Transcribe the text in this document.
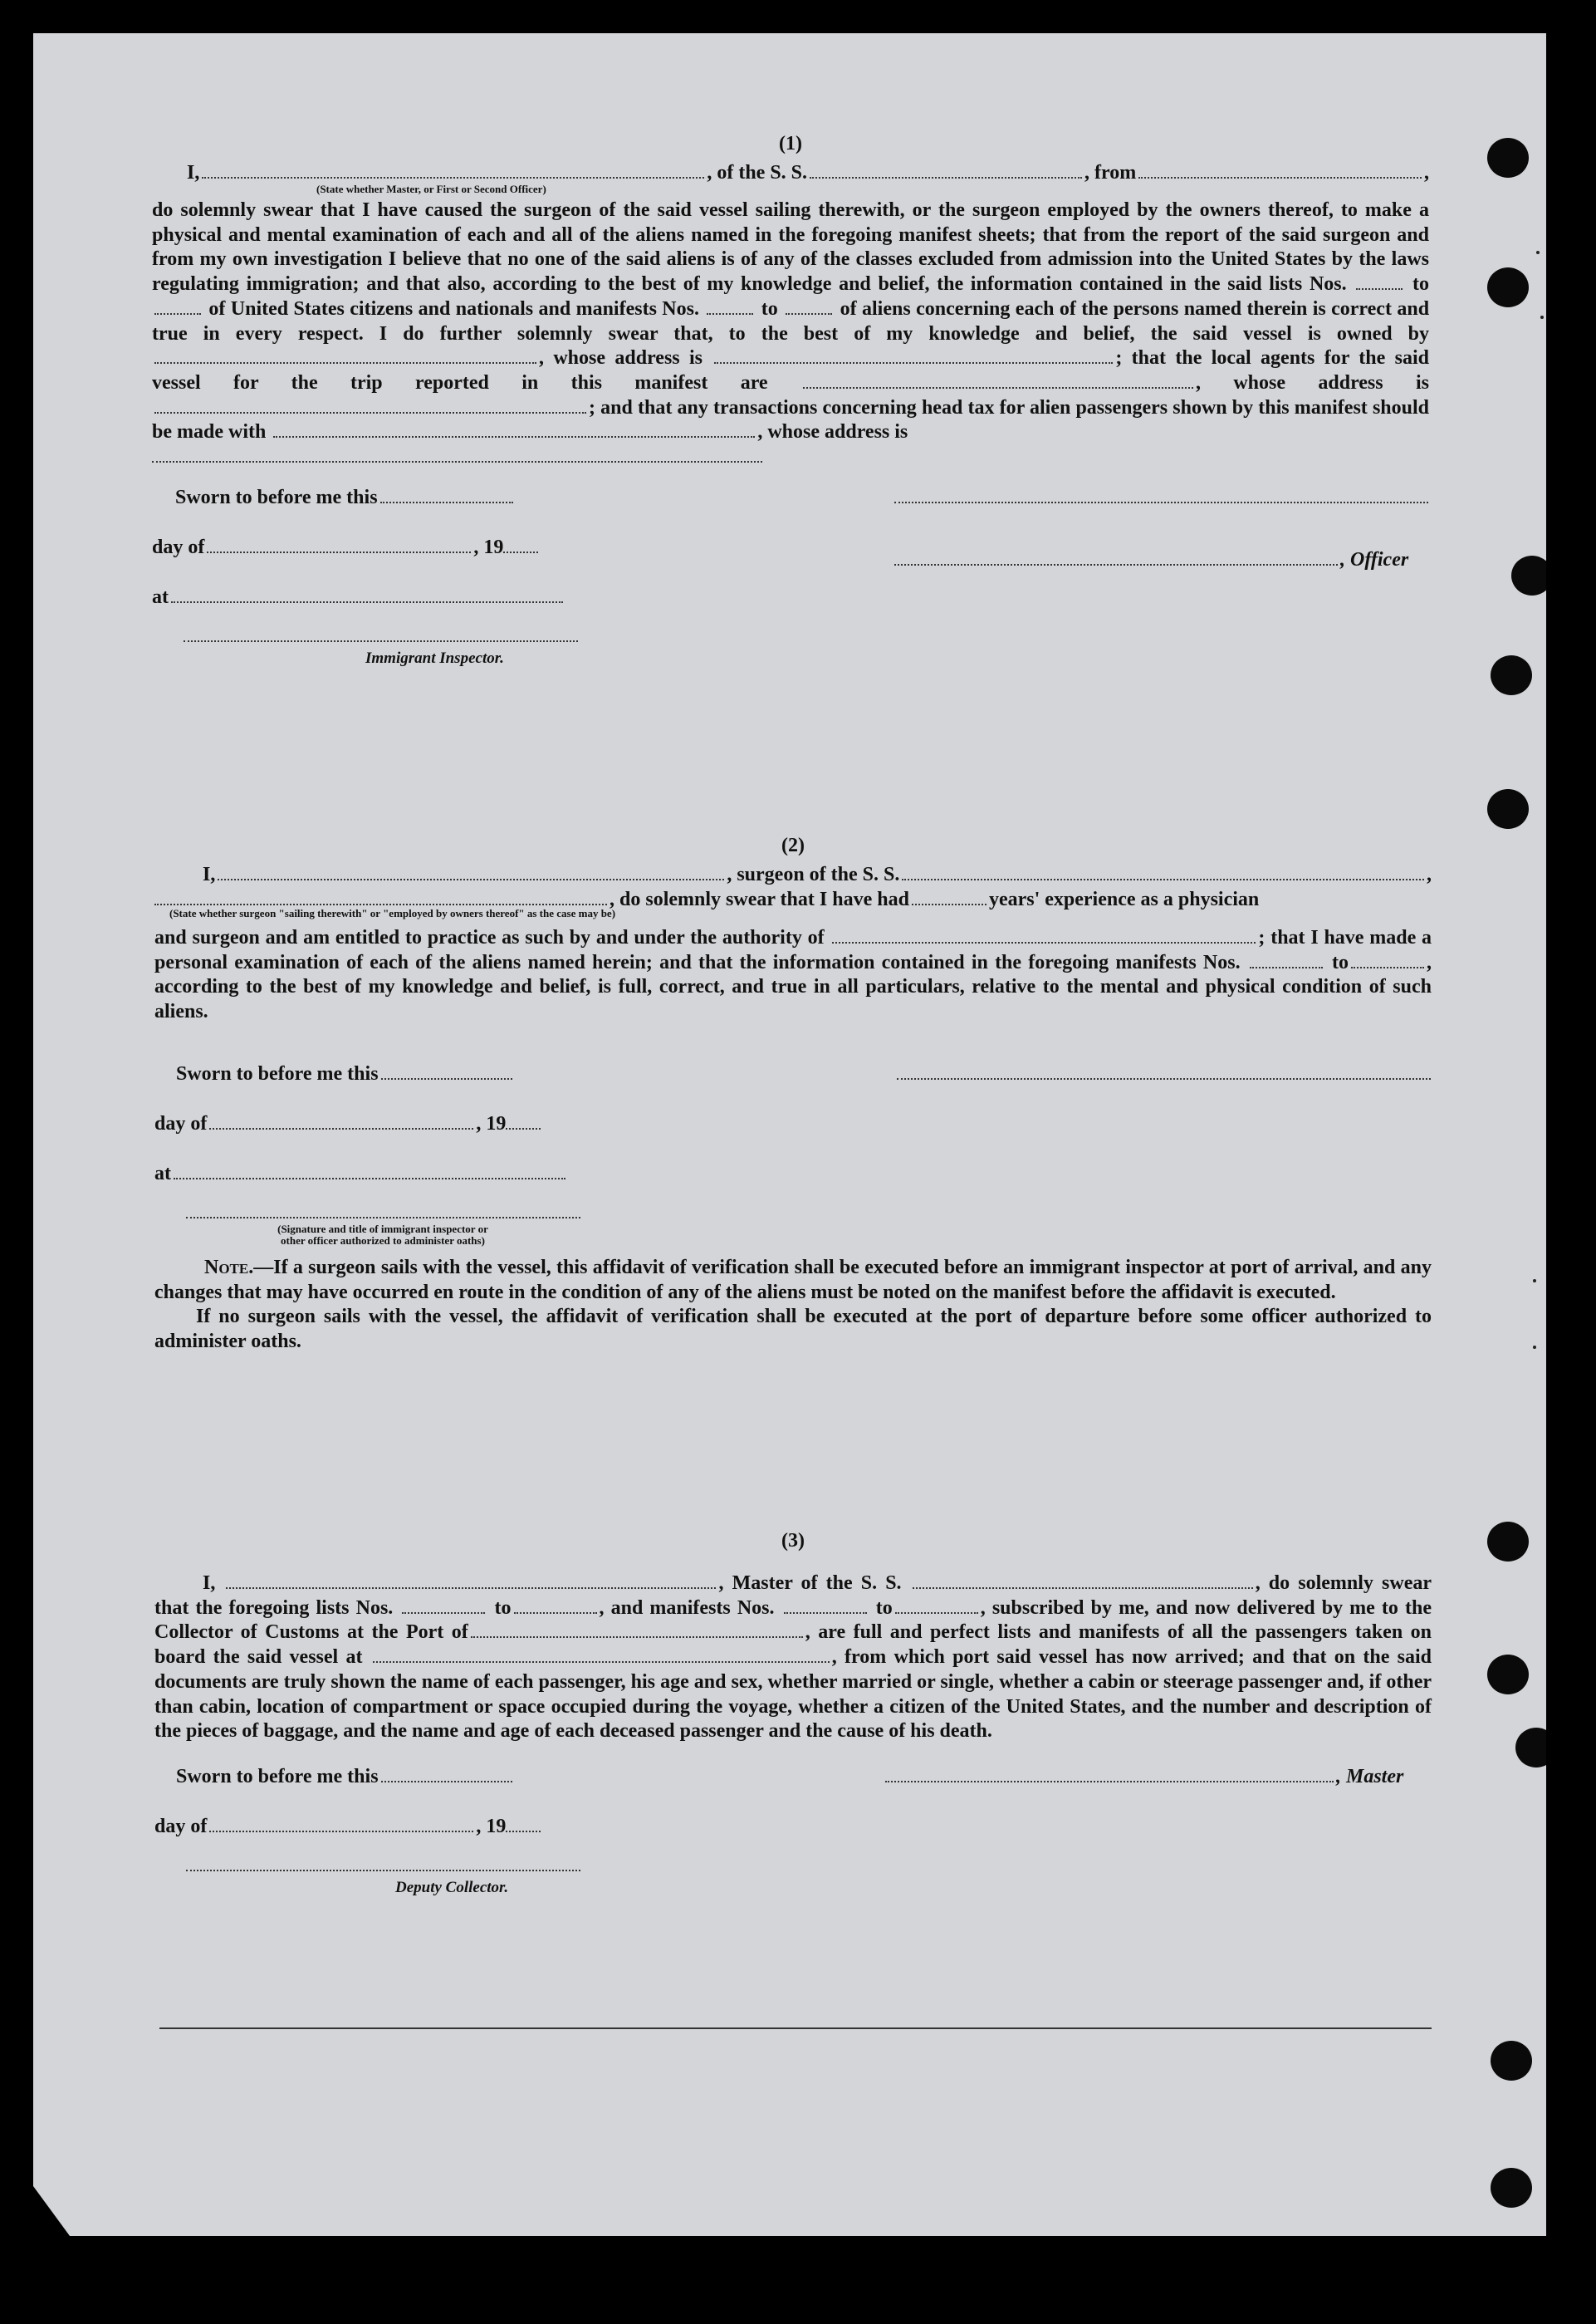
(1)
I,	, of the S. S.	, from	,
(State whether Master, or First or Second Officer)

do solemnly swear that I have caused the surgeon of the said vessel sailing therewith, or the surgeon employed by the owners thereof, to make a physical and mental examination of each and all of the aliens named in the foregoing manifest sheets; that from the report of the said surgeon and from my own investigation I believe that no one of the said aliens is of any of the classes excluded from admission into the United States by the laws regulating immigration; and that also, according to the best of my knowledge and belief, the information contained in the said lists Nos.	to  of United States citizens and nationals and manifests Nos.	to	of aliens concerning each of the persons named therein is correct and true in every respect. I do further solemnly swear that, to the best of my knowledge and belief, the said vessel is owned by , whose address is	; that the local agents for the said vessel for the trip reported in this manifest are	, whose address is ; and that any transactions concerning head tax for alien passengers shown by this manifest should be made with	, whose address is

Sworn to before me this
day of	, 19
at
Immigrant Inspector.
, Officer
(2)
I,	, surgeon of the S. S.	,
, do solemnly swear that I have had	years' experience as a physician
(State whether surgeon "sailing therewith" or "employed by owners thereof" as the case may be)

and surgeon and am entitled to practice as such by and under the authority of	; that I have made a personal examination of each of the aliens named herein; and that the information contained in the foregoing manifests Nos.	to	, according to the best of my knowledge and belief, is full, correct, and true in all particulars, relative to the mental and physical condition of such aliens.

Sworn to before me this
day of	, 19
at
(Signature and title of immigrant inspector or
other officer authorized to administer oaths)

Note.—If a surgeon sails with the vessel, this affidavit of verification shall be executed before an immigrant inspector at port of arrival, and any changes that may have occurred en route in the condition of any of the aliens must be noted on the manifest before the affidavit is executed.

If no surgeon sails with the vessel, the affidavit of verification shall be executed at the port of departure before some officer authorized to administer oaths.

(3)

I,	, Master of the S. S.	, do solemnly swear that the foregoing lists Nos.	to	, and manifests Nos.	to	, subscribed by me, and now delivered by me to the Collector of Customs at the Port of	, are full and perfect lists and manifests of all the passengers taken on board the said vessel at	, from which port said vessel has now arrived; and that on the said documents are truly shown the name of each passenger, his age and sex, whether married or single, whether a cabin or steerage passenger and, if other than cabin, location of compartment or space occupied during the voyage, whether a citizen of the United States, and the number and description of the pieces of baggage, and the name and age of each deceased passenger and the cause of his death.

Sworn to before me this
day of	, 19
Deputy Collector.
, Master
